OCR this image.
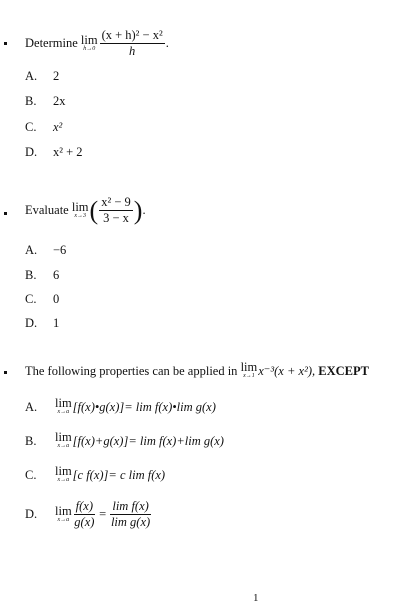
Determine
lim
$h\to 0 \frac{\text{(x + h)² − x²}}{h}$ .
A. 2
B. 2x
C. x²
D. x² + 2
Evaluate
lim
x→3 ( $\frac{\text{x² − 9}}{3 - x}$ ) .
A. −6
B. 6
C. 0
D. 1
The following properties can be applied in
lim
x→1 x⁻³(x + x²),
EXCEPT
A.	lim
x→a [f(x)•g(x)] = lim f(x)•lim g(x)
B.	lim
x→a [f(x)+g(x)] = lim f(x)+lim g(x)
C.	lim
x→a [c f(x)] = c lim f(x)
D.	lim
$x\to a \frac{f(x)}{g(x)} = \frac{\text{lim f(x)}}{\text{lim g(x)}}$
1
